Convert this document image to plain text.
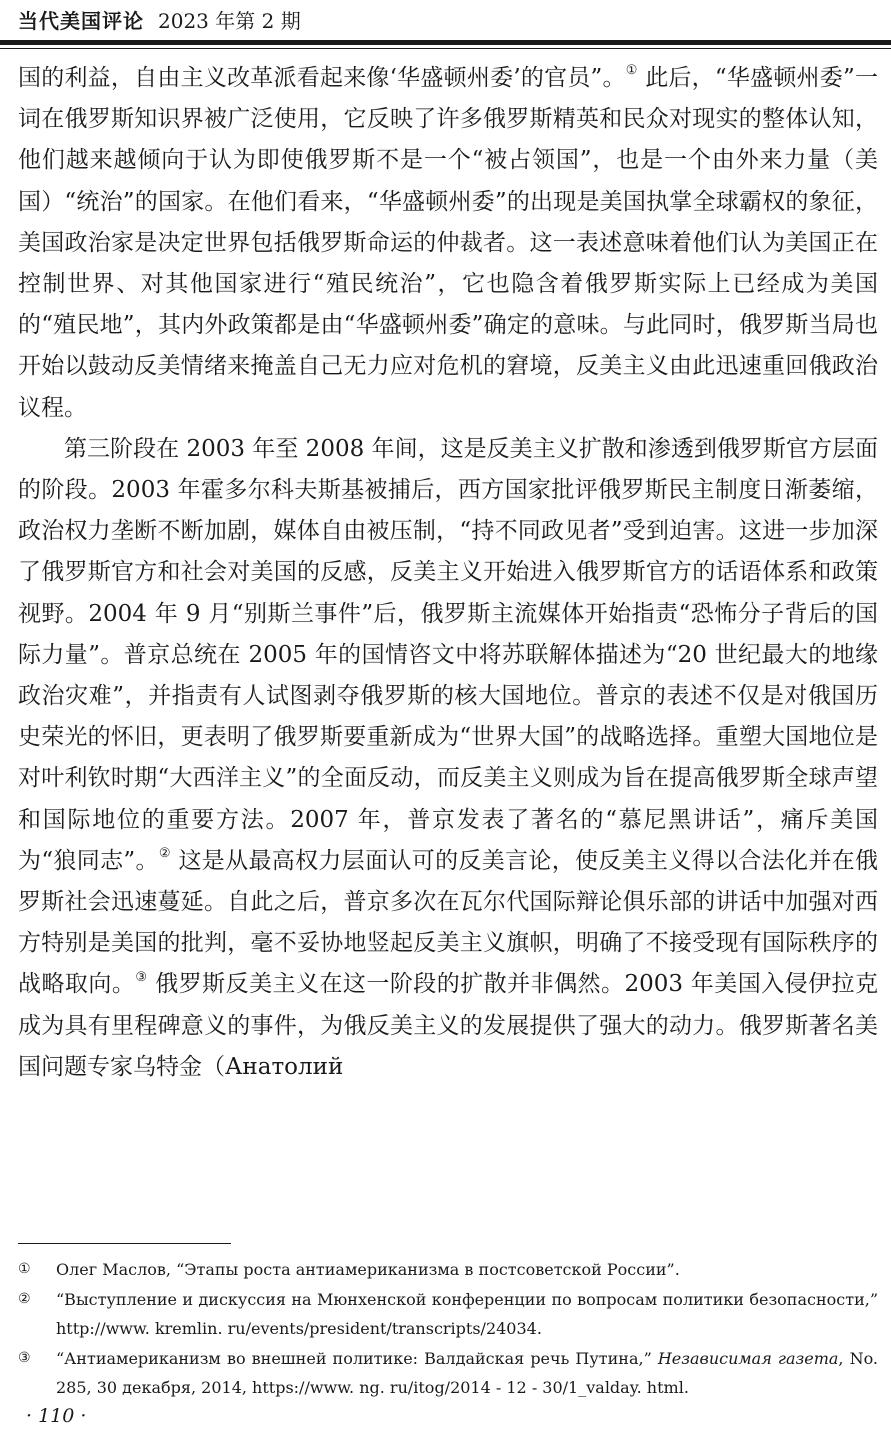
当代美国评论 2023 年第 2 期

国的利益，自由主义改革派看起来像‘华盛顿州委’的官员”。① 此后，“华盛顿州委”一词在俄罗斯知识界被广泛使用，它反映了许多俄罗斯精英和民众对现实的整体认知，他们越来越倾向于认为即使俄罗斯不是一个“被占领国”，也是一个由外来力量（美国）“统治”的国家。在他们看来，“华盛顿州委”的出现是美国执掌全球霸权的象征，美国政治家是决定世界包括俄罗斯命运的仲裁者。这一表述意味着他们认为美国正在控制世界、对其他国家进行“殖民统治”，它也隐含着俄罗斯实际上已经成为美国的“殖民地”，其内外政策都是由“华盛顿州委”确定的意味。与此同时，俄罗斯当局也开始以鼓动反美情绪来掩盖自己无力应对危机的窘境，反美主义由此迅速重回俄政治议程。

第三阶段在 2003 年至 2008 年间，这是反美主义扩散和渗透到俄罗斯官方层面的阶段。2003 年霍多尔科夫斯基被捕后，西方国家批评俄罗斯民主制度日渐萎缩，政治权力垄断不断加剧，媒体自由被压制，“持不同政见者”受到迫害。这进一步加深了俄罗斯官方和社会对美国的反感，反美主义开始进入俄罗斯官方的话语体系和政策视野。2004 年 9 月“别斯兰事件”后，俄罗斯主流媒体开始指责“恐怖分子背后的国际力量”。普京总统在 2005 年的国情咨文中将苏联解体描述为“20 世纪最大的地缘政治灾难”，并指责有人试图剥夺俄罗斯的核大国地位。普京的表述不仅是对俄国历史荣光的怀旧，更表明了俄罗斯要重新成为“世界大国”的战略选择。重塑大国地位是对叶利钦时期“大西洋主义”的全面反动，而反美主义则成为旨在提高俄罗斯全球声望和国际地位的重要方法。2007 年，普京发表了著名的“慕尼黑讲话”，痛斥美国为“狼同志”。② 这是从最高权力层面认可的反美言论，使反美主义得以合法化并在俄罗斯社会迅速蔓延。自此之后，普京多次在瓦尔代国际辩论俱乐部的讲话中加强对西方特别是美国的批判，毫不妥协地竖起反美主义旗帜，明确了不接受现有国际秩序的战略取向。③ 俄罗斯反美主义在这一阶段的扩散并非偶然。2003 年美国入侵伊拉克成为具有里程碑意义的事件，为俄反美主义的发展提供了强大的动力。俄罗斯著名美国问题专家乌特金（Анатолий

①	Олег Маслов, “Этапы роста антиамериканизма в постсоветской России”.
②	“Выступление и дискуссия на Мюнхенской конференции по вопросам политики безопасности,” http://www. kremlin. ru/events/president/transcripts/24034.
③	“Антиамериканизм во внешней политике: Валдайская речь Путина,” Независимая газета, No. 285, 30 декабря, 2014, https://www. ng. ru/itog/2014 - 12 - 30/1_valday. html.
· 110 ·
